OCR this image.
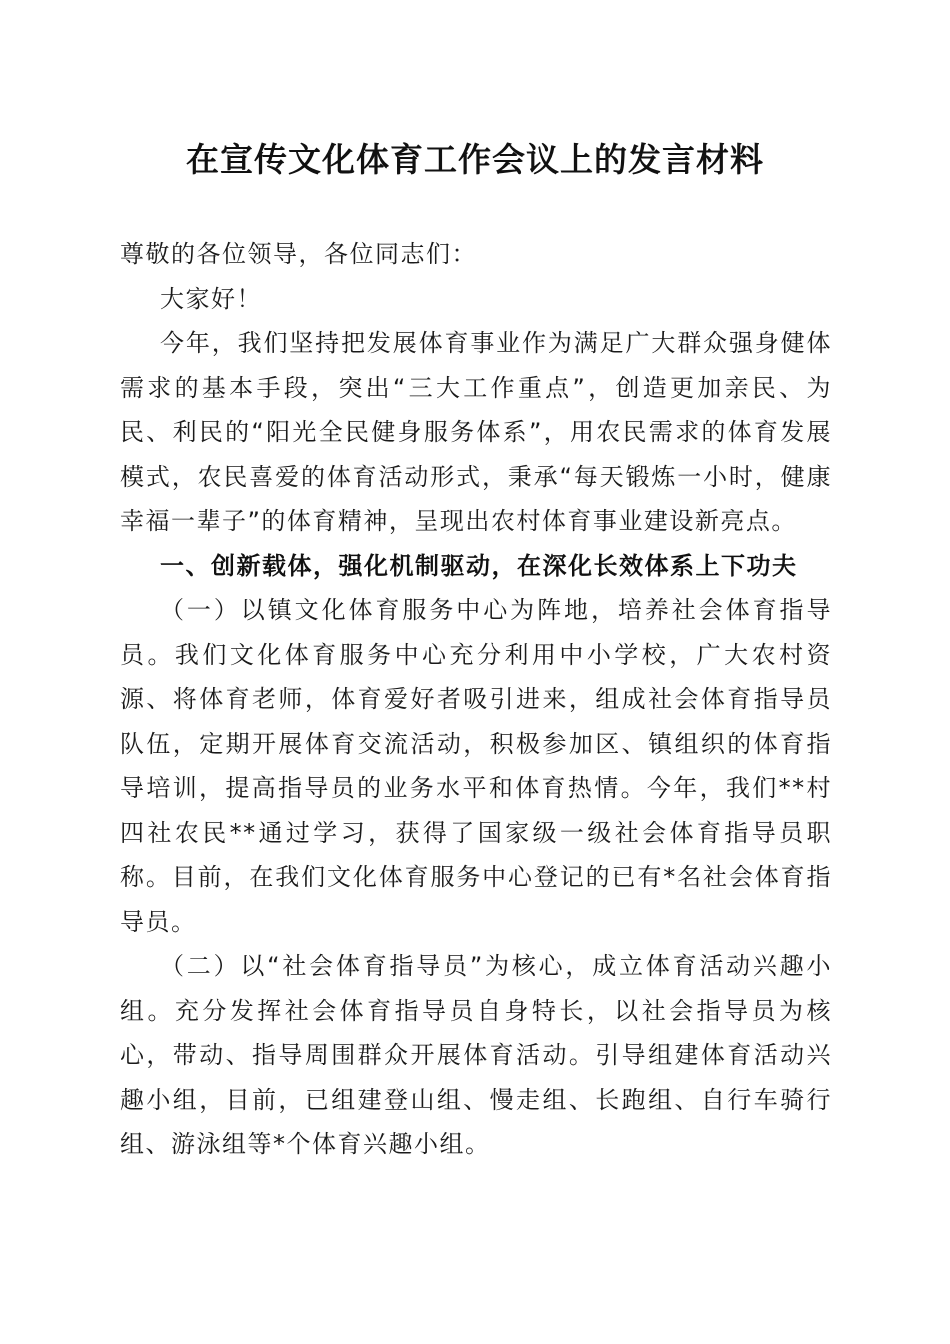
在宣传文化体育工作会议上的发言材料

尊敬的各位领导，各位同志们：

大家好！

今年，我们坚持把发展体育事业作为满足广大群众强身健体需求的基本手段，突出“三大工作重点”，创造更加亲民、为民、利民的“阳光全民健身服务体系”，用农民需求的体育发展模式，农民喜爱的体育活动形式，秉承“每天锻炼一小时，健康幸福一辈子”的体育精神，呈现出农村体育事业建设新亮点。

一、创新载体，强化机制驱动，在深化长效体系上下功夫

（一）以镇文化体育服务中心为阵地，培养社会体育指导员。我们文化体育服务中心充分利用中小学校，广大农村资源、将体育老师，体育爱好者吸引进来，组成社会体育指导员队伍，定期开展体育交流活动，积极参加区、镇组织的体育指导培训，提高指导员的业务水平和体育热情。今年，我们**村四社农民**通过学习，获得了国家级一级社会体育指导员职称。目前，在我们文化体育服务中心登记的已有*名社会体育指导员。

（二）以“社会体育指导员”为核心，成立体育活动兴趣小组。充分发挥社会体育指导员自身特长，以社会指导员为核心，带动、指导周围群众开展体育活动。引导组建体育活动兴趣小组，目前，已组建登山组、慢走组、长跑组、自行车骑行组、游泳组等*个体育兴趣小组。
